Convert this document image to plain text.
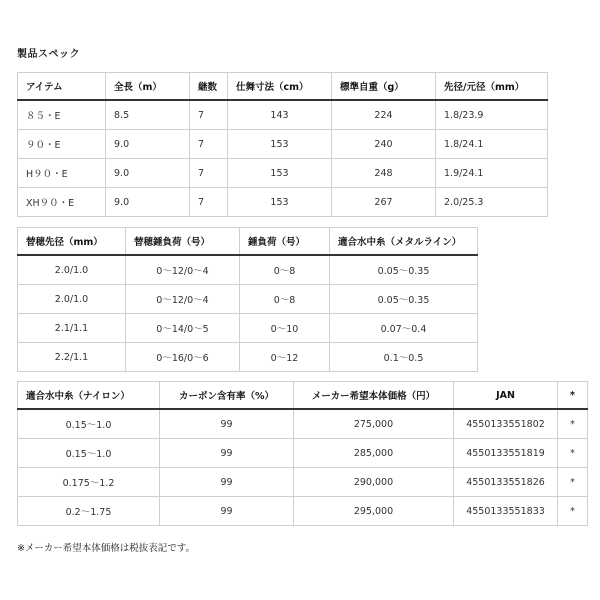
製品スペック
アイテム	全長（m）	継数	仕舞寸法（cm）	標準自重（g）	先径/元径（mm）
８５・E	8.5	7	143	224	1.8/23.9
９０・E	9.0	7	153	240	1.8/24.1
H９０・E	9.0	7	153	248	1.9/24.1
XH９０・E	9.0	7	153	267	2.0/25.3
替穂先径（mm）	替穂錘負荷（号）	錘負荷（号）	適合水中糸（メタルライン）
2.0/1.0	0～12/0～4	0～8	0.05～0.35
2.0/1.0	0～12/0～4	0～8	0.05～0.35
2.1/1.1	0～14/0～5	0～10	0.07～0.4
2.2/1.1	0～16/0～6	0～12	0.1～0.5
適合水中糸（ナイロン）	カーボン含有率（%）	メーカー希望本体価格（円）	JAN	*
0.15～1.0	99	275,000	4550133551802	*
0.15～1.0	99	285,000	4550133551819	*
0.175～1.2	99	290,000	4550133551826	*
0.2～1.75	99	295,000	4550133551833	*
※メーカー希望本体価格は税抜表記です。
